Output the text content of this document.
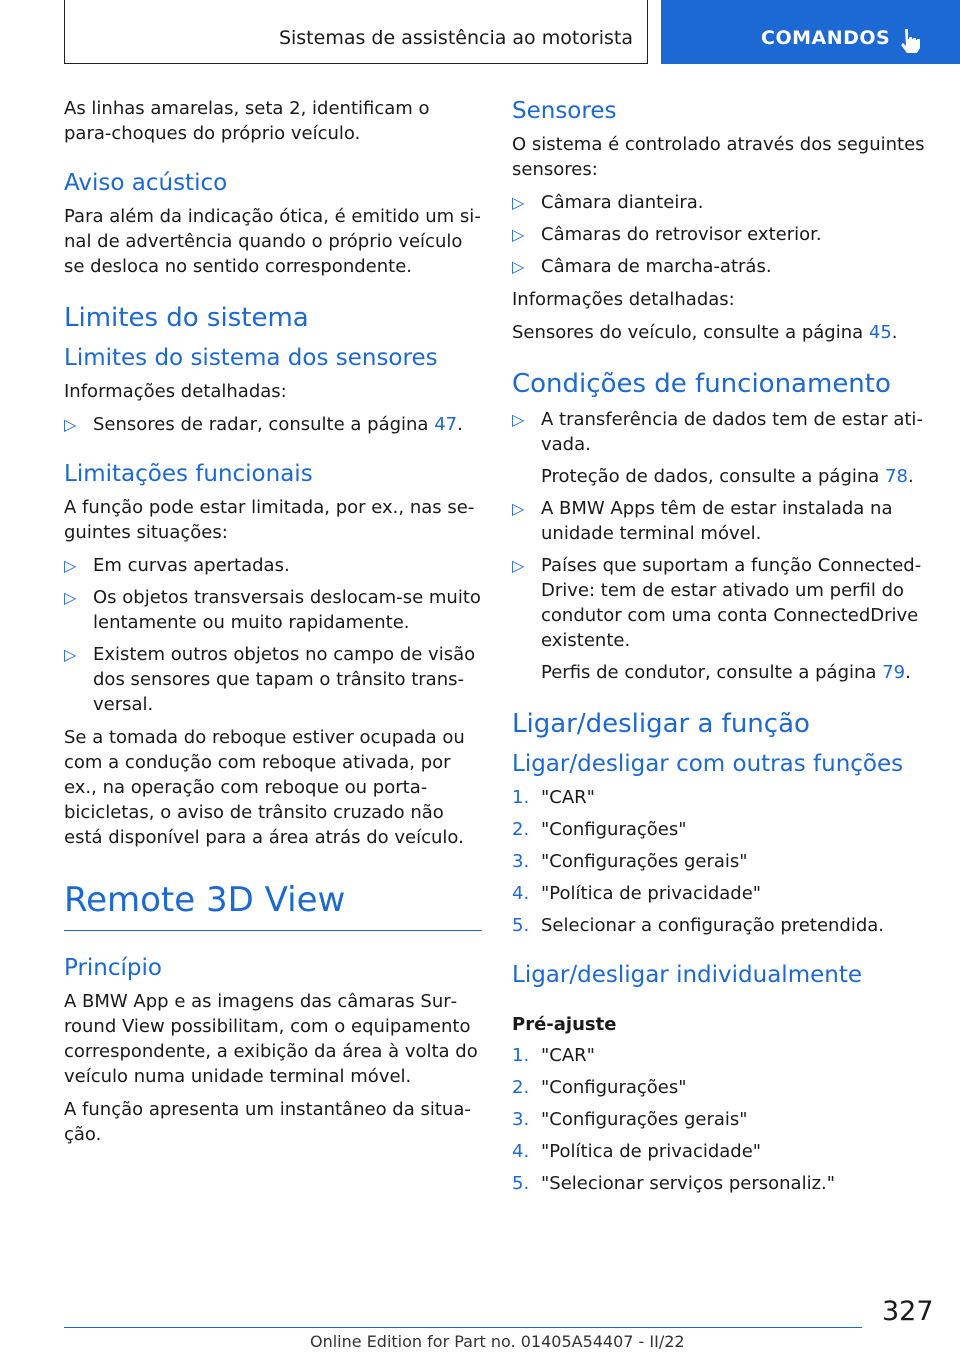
Sistemas de assistência ao motorista	COMANDOS

As linhas amarelas, seta 2, identificam o para-choques do próprio veículo.

Aviso acústico

Para além da indicação ótica, é emitido um sinal de advertência quando o próprio veículo se desloca no sentido correspondente.

Limites do sistema
Limites do sistema dos sensores

Informações detalhadas:

▷ Sensores de radar, consulte a página 47.
Limitações funcionais

A função pode estar limitada, por ex., nas seguintes situações:

▷ Em curvas apertadas.
▷ Os objetos transversais deslocam-se muito lentamente ou muito rapidamente.
▷ Existem outros objetos no campo de visão dos sensores que tapam o trânsito transversal.

Se a tomada do reboque estiver ocupada ou com a condução com reboque ativada, por ex., na operação com reboque ou porta-bicicletas, o aviso de trânsito cruzado não está disponível para a área atrás do veículo.

Remote 3D View
Princípio

A BMW App e as imagens das câmaras Surround View possibilitam, com o equipamento correspondente, a exibição da área à volta do veículo numa unidade terminal móvel.

A função apresenta um instantâneo da situação.

Sensores

O sistema é controlado através dos seguintes sensores:

▷ Câmara dianteira.
▷ Câmaras do retrovisor exterior.
▷ Câmara de marcha-atrás.

Informações detalhadas:

Sensores do veículo, consulte a página 45.

Condições de funcionamento
▷ A transferência de dados tem de estar ativada.
Proteção de dados, consulte a página 78.
▷ A BMW Apps têm de estar instalada na unidade terminal móvel.
▷ Países que suportam a função ConnectedDrive: tem de estar ativado um perfil do condutor com uma conta ConnectedDrive existente.
Perfis de condutor, consulte a página 79.
Ligar/desligar a função
Ligar/desligar com outras funções
1. "CAR"
2. "Configurações"
3. "Configurações gerais"
4. "Política de privacidade"
5. Selecionar a configuração pretendida.
Ligar/desligar individualmente
Pré-ajuste
1. "CAR"
2. "Configurações"
3. "Configurações gerais"
4. "Política de privacidade"
5. "Selecionar serviços personaliz."
327
Online Edition for Part no. 01405A54407 - II/22
